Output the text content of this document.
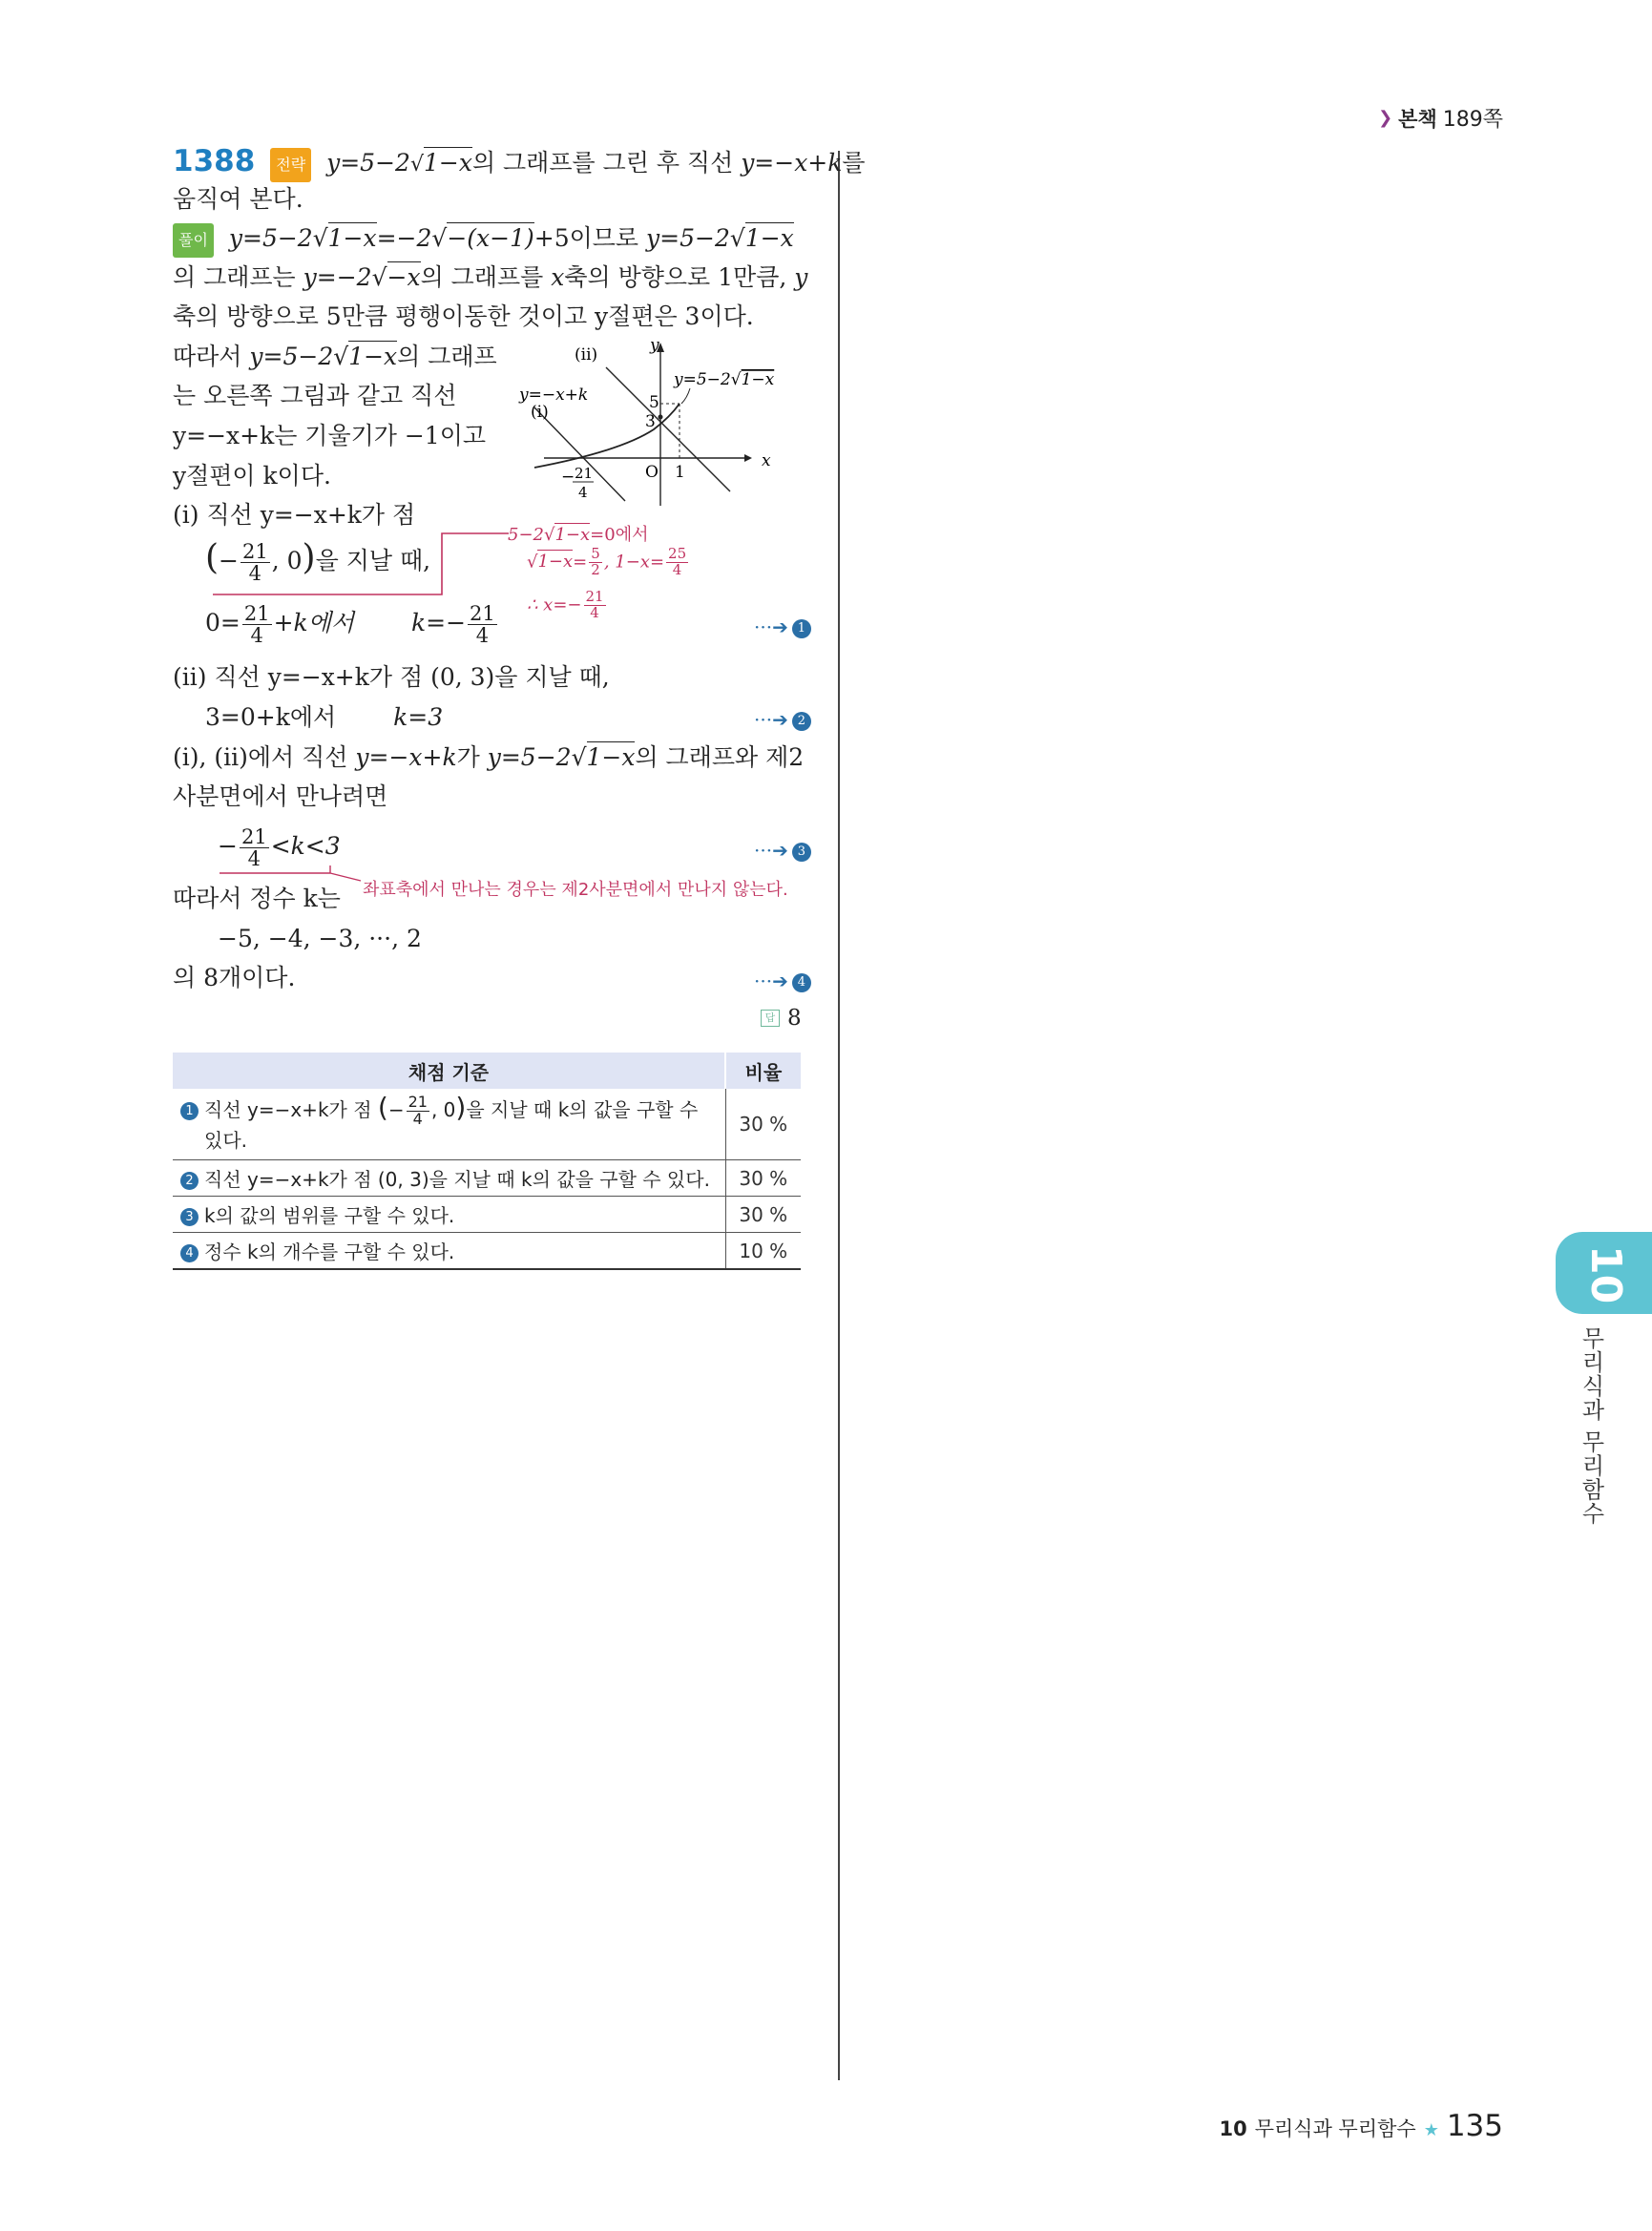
❯ 본책 189쪽
1388 전략 y=5−2√1−x의 그래프를 그린 후 직선 y=−x+k를
움직여 본다.
풀이 y=5−2√1−x=−2√−(x−1)+5이므로 y=5−2√1−x
의 그래프는 y=−2√−x의 그래프를 x축의 방향으로 1만큼, y
축의 방향으로 5만큼 평행이동한 것이고 y절편은 3이다.
따라서 y=5−2√1−x의 그래프
는 오른쪽 그림과 같고 직선
y=−x+k는 기울기가 −1이고
y절편이 k이다.
(ii)
(i)
y=−x+k
y=5−2√1−x
y
x
O
5
3
1
− 21
4
(i) 직선 y=−x+k가 점
(− $\frac{21}{4}$ , 0)을 지날 때,
$0= \frac{21}{4} +k$에서 $k=- \frac{21}{4}$	···➔ 1
5−2√1−x=0에서
$√1-x= \frac{5}{2}$ , $1-x= \frac{25}{4}$
∴ $x=- \frac{21}{4}$
(ii) 직선 y=−x+k가 점 (0, 3)을 지날 때,
3=0+k에서 k=3	···➔ 2
(i), (ii)에서 직선 y=−x+k가 y=5−2√1−x의 그래프와 제2
사분면에서 만나려면
− $\frac{21}{4} <k<3$	···➔ 3
좌표축에서 만나는 경우는 제2사분면에서 만나지 않는다.
따라서 정수 k는
−5, −4, −3, ···, 2
의 8개이다.	···➔ 4
답 8
채점 기준	비율
1 직선 y=−x+k가 점 (− $\frac{21}{4}$ , 0)을 지날 때 k의 값을 구할 수
있다.	30 %
2 직선 y=−x+k가 점 (0, 3)을 지날 때 k의 값을 구할 수 있다.	30 %
3 k의 값의 범위를 구할 수 있다.	30 %
4 정수 k의 개수를 구할 수 있다.	10 %	10
무리식과 무리함수
10 무리식과 무리함수 ★ 135
